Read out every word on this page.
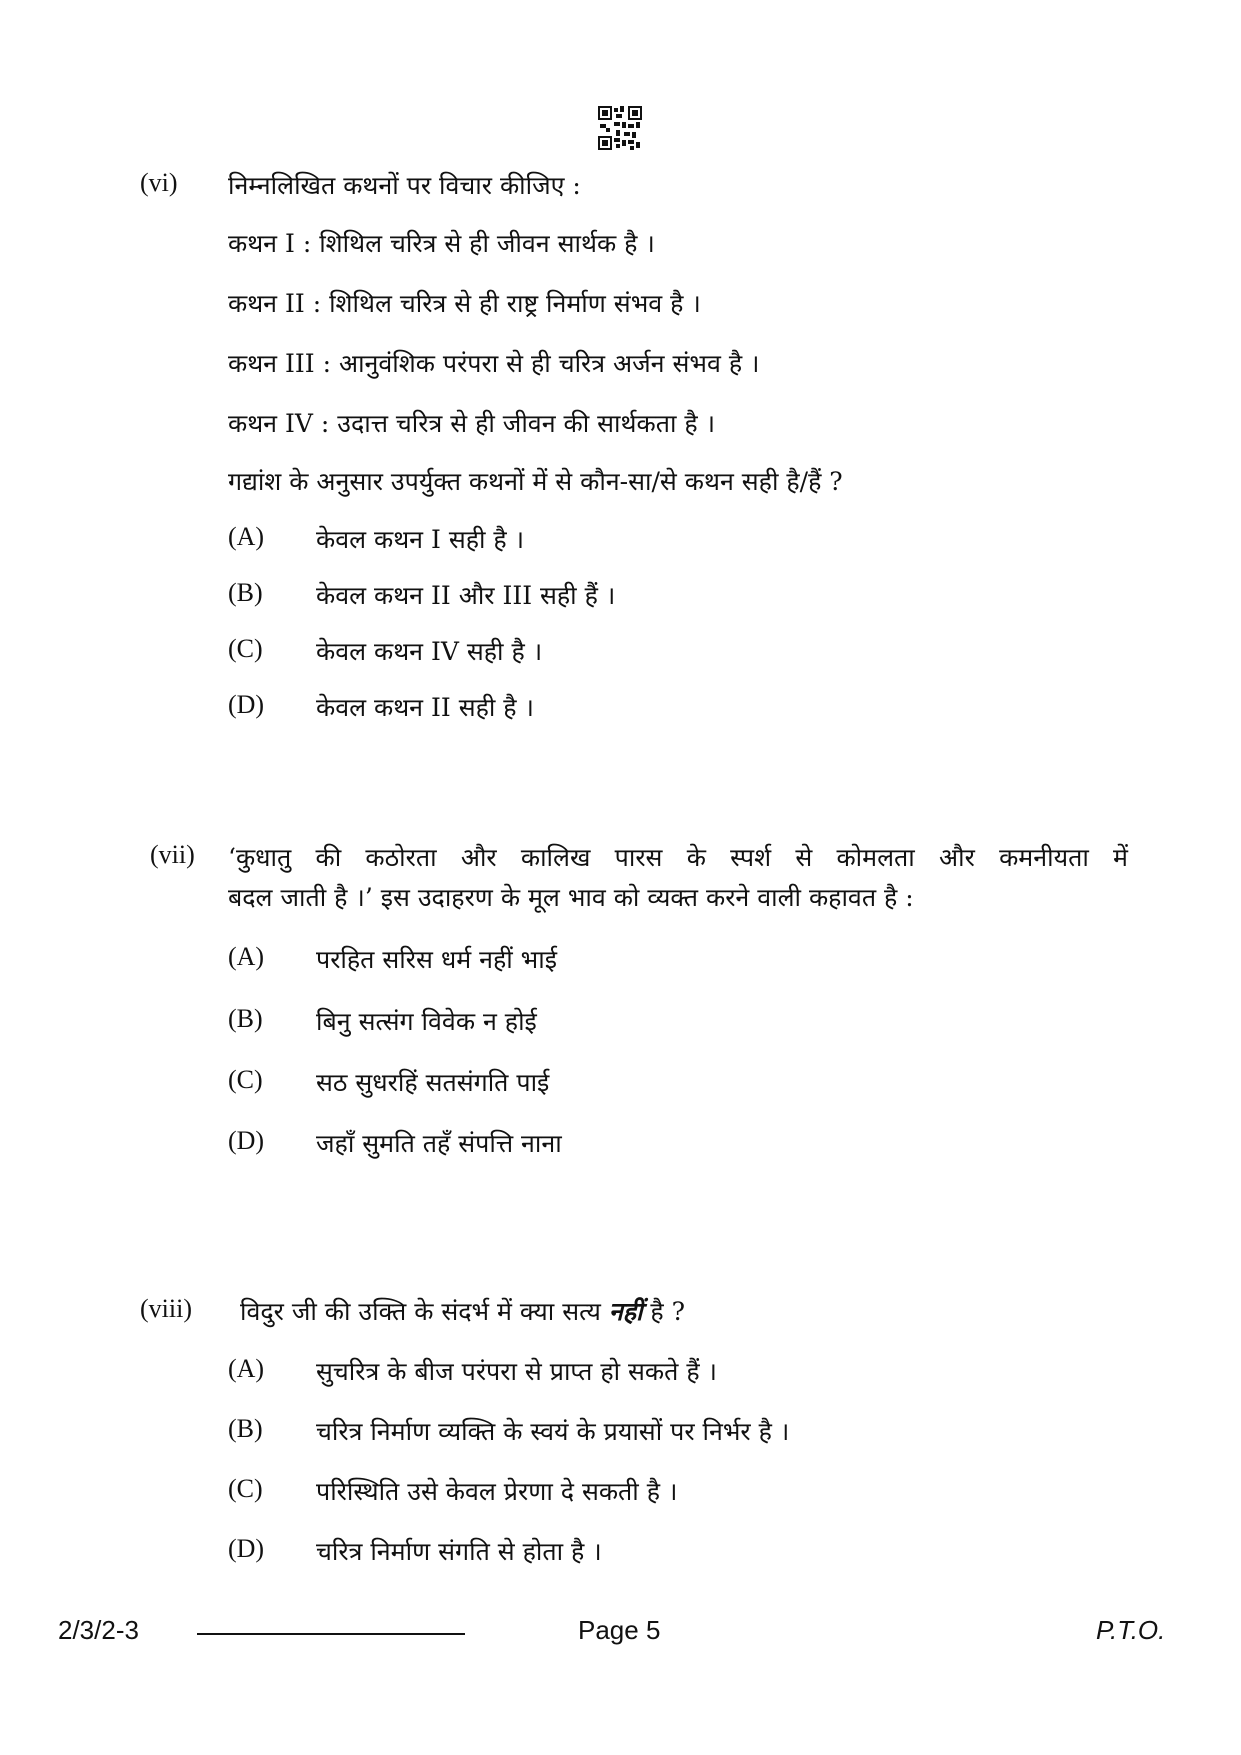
(vi) निम्नलिखित कथनों पर विचार कीजिए :
कथन I : शिथिल चरित्र से ही जीवन सार्थक है ।
कथन II : शिथिल चरित्र से ही राष्ट्र निर्माण संभव है ।
कथन III : आनुवंशिक परंपरा से ही चरित्र अर्जन संभव है ।
कथन IV : उदात्त चरित्र से ही जीवन की सार्थकता है ।
गद्यांश के अनुसार उपर्युक्त कथनों में से कौन-सा/से कथन सही है/हैं ?
(A) केवल कथन I सही है ।
(B) केवल कथन II और III सही हैं ।
(C) केवल कथन IV सही है ।
(D) केवल कथन II सही है ।
(vii) ‘कुधातु की कठोरता और कालिख पारस के स्पर्श से कोमलता और कमनीयता में
बदल जाती है ।’ इस उदाहरण के मूल भाव को व्यक्त करने वाली कहावत है :
(A) परहित सरिस धर्म नहीं भाई
(B) बिनु सत्संग विवेक न होई
(C) सठ सुधरहिं सतसंगति पाई
(D) जहाँ सुमति तहँ संपत्ति नाना
(viii) विदुर जी की उक्ति के संदर्भ में क्या सत्य नहीं है ?
(A) सुचरित्र के बीज परंपरा से प्राप्त हो सकते हैं ।
(B) चरित्र निर्माण व्यक्ति के स्वयं के प्रयासों पर निर्भर है ।
(C) परिस्थिति उसे केवल प्रेरणा दे सकती है ।
(D) चरित्र निर्माण संगति से होता है ।
2/3/2-3	Page 5	P.T.O.
